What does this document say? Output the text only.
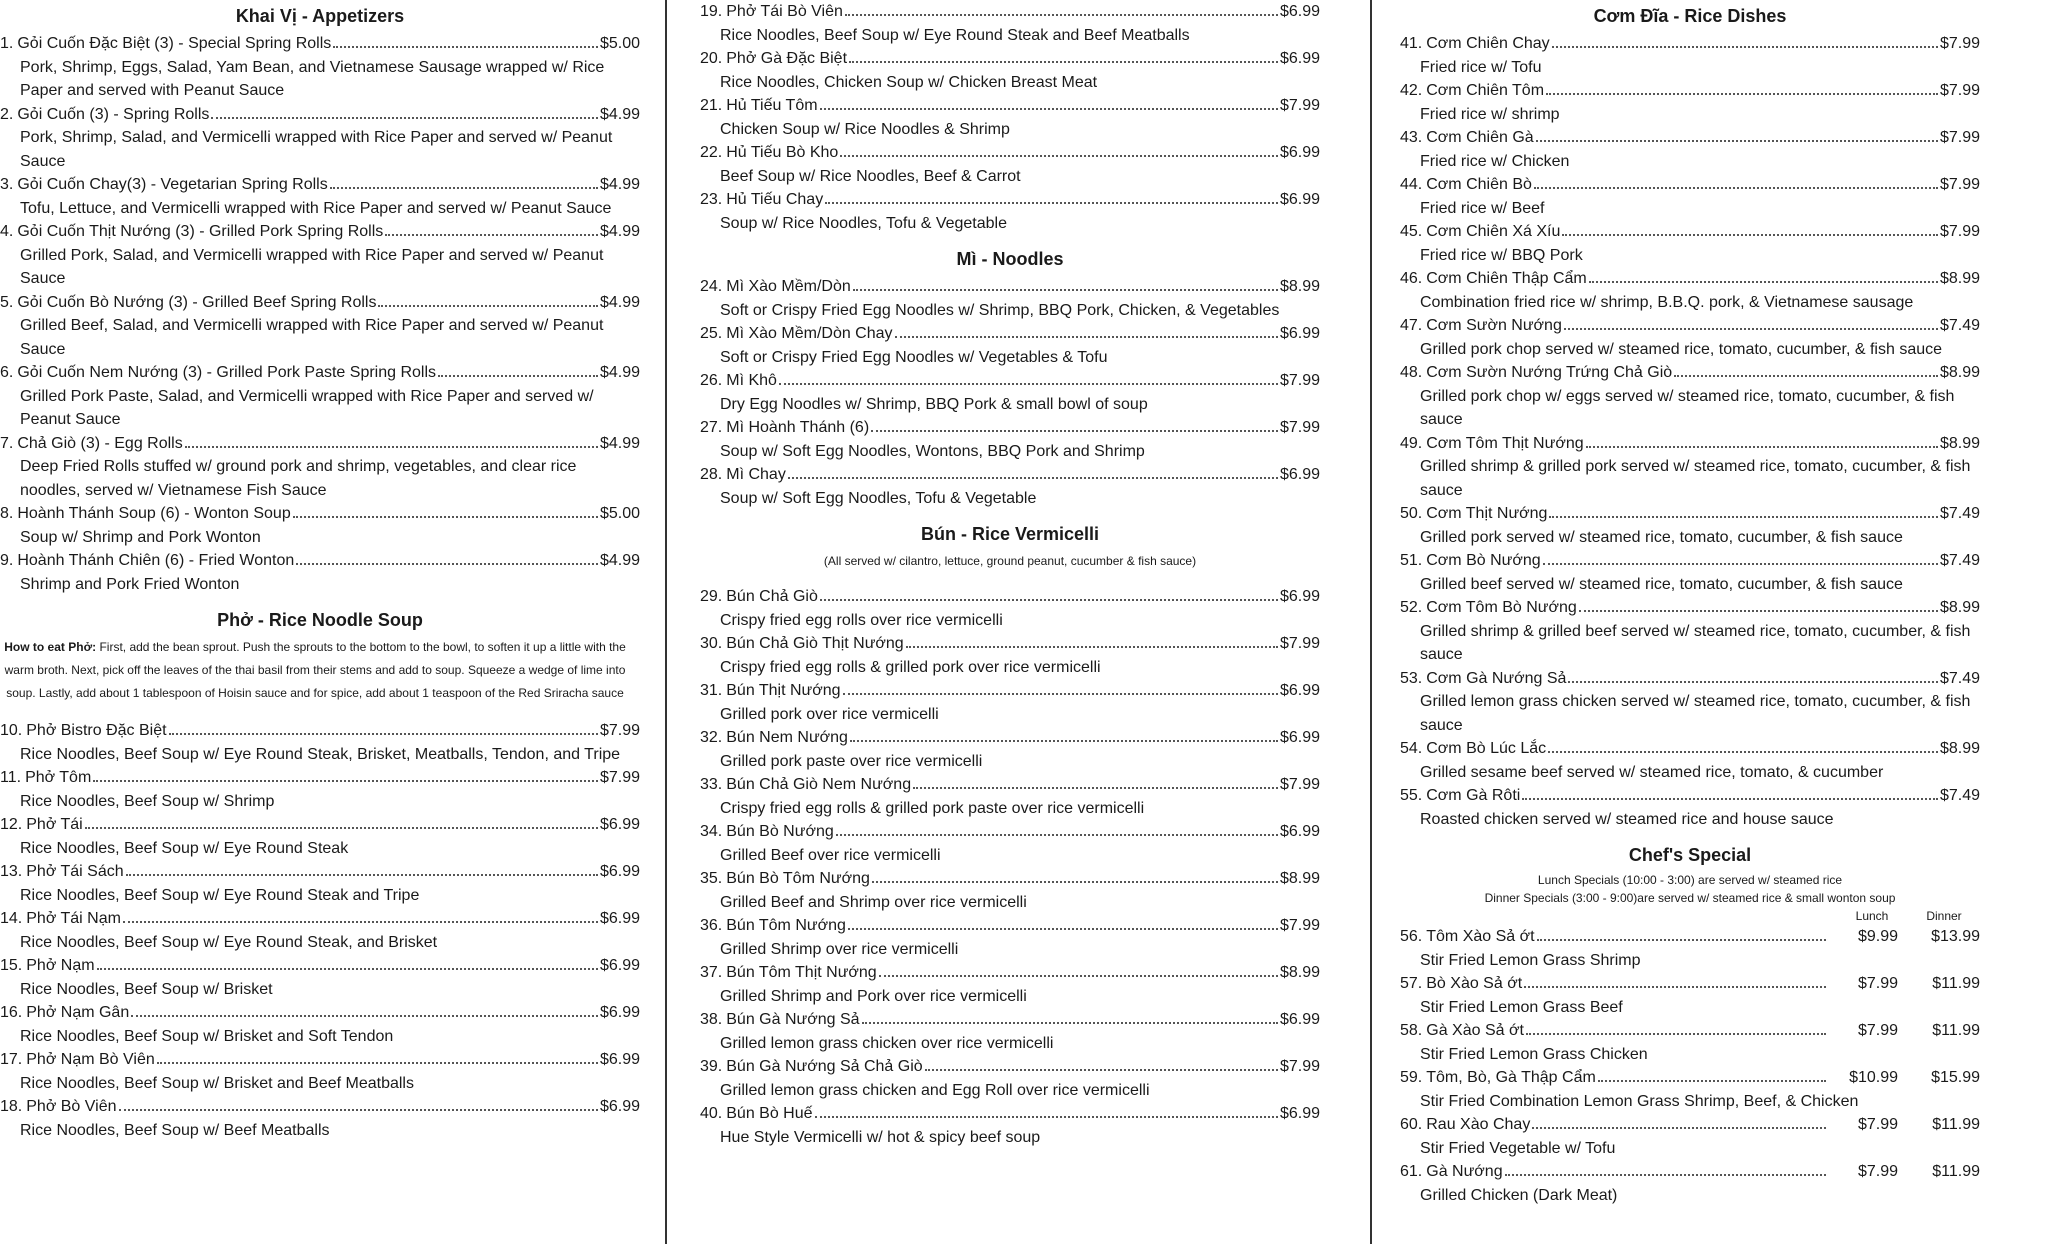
Khai Vị - Appetizers
1. Gỏi Cuốn Đặc Biệt (3) - Special Spring Rolls	$5.00
Pork, Shrimp, Eggs, Salad, Yam Bean, and Vietnamese Sausage wrapped w/ Rice Paper and served with Peanut Sauce
2. Gỏi Cuốn (3) - Spring Rolls	$4.99
Pork, Shrimp, Salad, and Vermicelli wrapped with Rice Paper and served w/ Peanut Sauce
3. Gỏi Cuốn Chay(3) - Vegetarian Spring Rolls	$4.99
Tofu, Lettuce, and Vermicelli wrapped with Rice Paper and served w/ Peanut Sauce
4. Gỏi Cuốn Thịt Nướng (3) - Grilled Pork Spring Rolls	$4.99
Grilled Pork, Salad, and Vermicelli wrapped with Rice Paper and served w/ Peanut Sauce
5. Gỏi Cuốn Bò Nướng (3) - Grilled Beef Spring Rolls	$4.99
Grilled Beef, Salad, and Vermicelli wrapped with Rice Paper and served w/ Peanut Sauce
6. Gỏi Cuốn Nem Nướng (3) - Grilled Pork Paste Spring Rolls	$4.99
Grilled Pork Paste, Salad, and Vermicelli wrapped with Rice Paper and served w/ Peanut Sauce
7. Chả Giò (3) - Egg Rolls	$4.99
Deep Fried Rolls stuffed w/ ground pork and shrimp, vegetables, and clear rice noodles, served w/ Vietnamese Fish Sauce
8. Hoành Thánh Soup (6) - Wonton Soup	$5.00
Soup w/ Shrimp and Pork Wonton
9. Hoành Thánh Chiên (6) - Fried Wonton	$4.99
Shrimp and Pork Fried Wonton
Phở - Rice Noodle Soup
How to eat Phở: First, add the bean sprout. Push the sprouts to the bottom to the bowl, to soften it up a little with the warm broth. Next, pick off the leaves of the thai basil from their stems and add to soup. Squeeze a wedge of lime into soup. Lastly, add about 1 tablespoon of Hoisin sauce and for spice, add about 1 teaspoon of the Red Sriracha sauce
10. Phở Bistro Đặc Biệt	$7.99
Rice Noodles, Beef Soup w/ Eye Round Steak, Brisket, Meatballs, Tendon, and Tripe
11. Phở Tôm	$7.99
Rice Noodles, Beef Soup w/ Shrimp
12. Phở Tái	$6.99
Rice Noodles, Beef Soup w/ Eye Round Steak
13. Phở Tái Sách	$6.99
Rice Noodles, Beef Soup w/ Eye Round Steak and Tripe
14. Phở Tái Nạm	$6.99
Rice Noodles, Beef Soup w/ Eye Round Steak, and Brisket
15. Phở Nạm	$6.99
Rice Noodles, Beef Soup w/ Brisket
16. Phở Nạm Gân	$6.99
Rice Noodles, Beef Soup w/ Brisket and Soft Tendon
17. Phở Nạm Bò Viên	$6.99
Rice Noodles, Beef Soup w/ Brisket and Beef Meatballs
18. Phở Bò Viên	$6.99
Rice Noodles, Beef Soup w/ Beef Meatballs
19. Phở Tái Bò Viên	$6.99
Rice Noodles, Beef Soup w/ Eye Round Steak and Beef Meatballs
20. Phở Gà Đặc Biệt	$6.99
Rice Noodles, Chicken Soup w/ Chicken Breast Meat
21. Hủ Tiếu Tôm	$7.99
Chicken Soup w/ Rice Noodles & Shrimp
22. Hủ Tiếu Bò Kho	$6.99
Beef Soup w/ Rice Noodles, Beef & Carrot
23. Hủ Tiếu Chay	$6.99
Soup w/ Rice Noodles, Tofu & Vegetable
Mì - Noodles
24. Mì Xào Mềm/Dòn	$8.99
Soft or Crispy Fried Egg Noodles w/ Shrimp, BBQ Pork, Chicken, & Vegetables
25. Mì Xào Mềm/Dòn Chay	$6.99
Soft or Crispy Fried Egg Noodles w/ Vegetables & Tofu
26. Mì Khô	$7.99
Dry Egg Noodles w/ Shrimp, BBQ Pork & small bowl of soup
27. Mì Hoành Thánh (6)	$7.99
Soup w/ Soft Egg Noodles, Wontons, BBQ Pork and Shrimp
28. Mì Chay	$6.99
Soup w/ Soft Egg Noodles, Tofu & Vegetable
Bún - Rice Vermicelli
(All served w/ cilantro, lettuce, ground peanut, cucumber & fish sauce)
29. Bún Chả Giò	$6.99
Crispy fried egg rolls over rice vermicelli
30. Bún Chả Giò Thịt Nướng	$7.99
Crispy fried egg rolls & grilled pork over rice vermicelli
31. Bún Thịt Nướng	$6.99
Grilled pork over rice vermicelli
32. Bún Nem Nướng	$6.99
Grilled pork paste over rice vermicelli
33. Bún Chả Giò Nem Nướng	$7.99
Crispy fried egg rolls & grilled pork paste over rice vermicelli
34. Bún Bò Nướng	$6.99
Grilled Beef over rice vermicelli
35. Bún Bò Tôm Nướng	$8.99
Grilled Beef and Shrimp over rice vermicelli
36. Bún Tôm Nướng	$7.99
Grilled Shrimp over rice vermicelli
37. Bún Tôm Thịt Nướng	$8.99
Grilled Shrimp and Pork over rice vermicelli
38. Bún Gà Nướng Sả	$6.99
Grilled lemon grass chicken over rice vermicelli
39. Bún Gà Nướng Sả Chả Giò	$7.99
Grilled lemon grass chicken and Egg Roll over rice vermicelli
40. Bún Bò Huế	$6.99
Hue Style Vermicelli w/ hot & spicy beef soup
Cơm Đĩa - Rice Dishes
41. Cơm Chiên Chay	$7.99
Fried rice w/ Tofu
42. Cơm Chiên Tôm	$7.99
Fried rice w/ shrimp
43. Cơm Chiên Gà	$7.99
Fried rice w/ Chicken
44. Cơm Chiên Bò	$7.99
Fried rice w/ Beef
45. Cơm Chiên Xá Xíu	$7.99
Fried rice w/ BBQ Pork
46. Cơm Chiên Thập Cẩm	$8.99
Combination fried rice w/ shrimp, B.B.Q. pork, & Vietnamese sausage
47. Cơm Sườn Nướng	$7.49
Grilled pork chop served w/ steamed rice, tomato, cucumber, & fish sauce
48. Cơm Sườn Nướng Trứng Chả Giò	$8.99
Grilled pork chop w/ eggs served w/ steamed rice, tomato, cucumber, & fish sauce
49. Cơm Tôm Thịt Nướng	$8.99
Grilled shrimp & grilled pork served w/ steamed rice, tomato, cucumber, & fish sauce
50. Cơm Thịt Nướng	$7.49
Grilled pork served w/ steamed rice, tomato, cucumber, & fish sauce
51. Cơm Bò Nướng	$7.49
Grilled beef served w/ steamed rice, tomato, cucumber, & fish sauce
52. Cơm Tôm Bò Nướng	$8.99
Grilled shrimp & grilled beef served w/ steamed rice, tomato, cucumber, & fish sauce
53. Cơm Gà Nướng Sả	$7.49
Grilled lemon grass chicken served w/ steamed rice, tomato, cucumber, & fish sauce
54. Cơm Bò Lúc Lắc	$8.99
Grilled sesame beef served w/ steamed rice, tomato, & cucumber
55. Cơm Gà Rôti	$7.49
Roasted chicken served w/ steamed rice and house sauce
Chef's Special
Lunch Specials (10:00 - 3:00) are served w/ steamed rice
Dinner Specials (3:00 - 9:00)are served w/ steamed rice & small wonton soup
Lunch	Dinner
56. Tôm Xào Sả ớt	$9.99	$13.99
Stir Fried Lemon Grass Shrimp
57. Bò Xào Sả ớt	$7.99	$11.99
Stir Fried Lemon Grass Beef
58. Gà Xào Sả ớt	$7.99	$11.99
Stir Fried Lemon Grass Chicken
59. Tôm, Bò, Gà Thập Cẩm	$10.99	$15.99
Stir Fried Combination Lemon Grass Shrimp, Beef, & Chicken
60. Rau Xào Chay	$7.99	$11.99
Stir Fried Vegetable w/ Tofu
61. Gà Nướng	$7.99	$11.99
Grilled Chicken (Dark Meat)
